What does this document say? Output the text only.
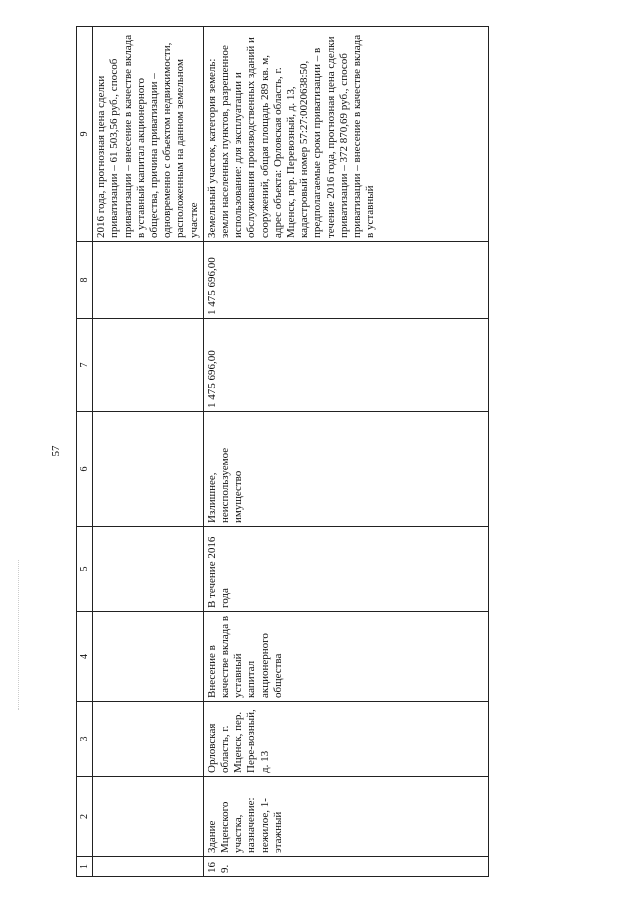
57
1	2	3	4	5	6	7	8	9
								2016 года, прогнозная цена сделки приватизации – 61 503,56 руб., способ приватизации – внесение в качестве вклада в уставный капитал акционерного общества, причина приватизации – одновременно с объектом недвижимости, расположенным на данном земельном участке
169.	Здание Мценского участка, назначение: нежилое, 1-этажный	Орловская область, г. Мценск, пер. Пере-возный, д. 13	Внесение в качестве вклада в уставный капитал акционерного общества	В течение 2016 года	Излишнее, неиспользуемое имущество	1 475 696,00	1 475 696,00	Земельный участок, категория земель: земли населенных пунктов, разрешенное использование: для эксплуатации и обслуживания производственных зданий и сооружений, общая площадь 289 кв. м, адрес объекта: Орловская область, г. Мценск, пер. Перевозный, д. 13, кадастровый номер 57:27:0020638:50, предполагаемые сроки приватизации – в течение 2016 года, прогнозная цена сделки приватизации – 372 870,69 руб., способ приватизации – внесение в качестве вклада в уставный
